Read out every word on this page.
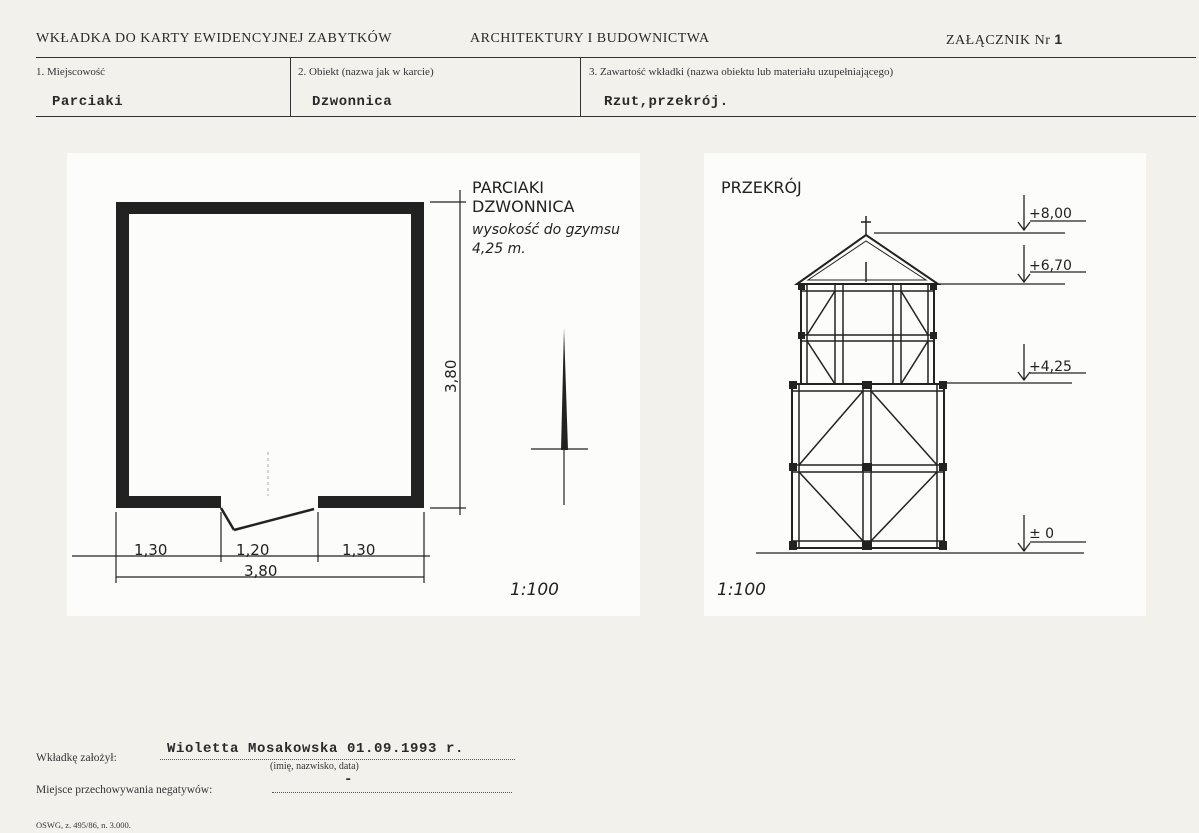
WKŁADKA DO KARTY EWIDENCYJNEJ ZABYTKÓW	ARCHITEKTURY I BUDOWNICTWA	ZAŁĄCZNIK Nr 1
1. Miejscowość
Parciaki
2. Obiekt (nazwa jak w karcie)
Dzwonnica
3. Zawartość wkładki (nazwa obiektu lub materiału uzupełniającego)
Rzut,przekrój.
1,30	1,20	1,30
3,80
3,80
PARCIAKI
DZWONNICA
wysokość do gzymsu
4,25 m.
1:100
PRZEKRÓJ
+8,00
+6,70
+4,25
± 0
1:100
Wkładkę założył:
Wioletta Mosakowska 01.09.1993 r.
(imię, nazwisko, data)
Miejsce przechowywania negatywów:
-
OSWG, z. 495/86, n. 3.000.
